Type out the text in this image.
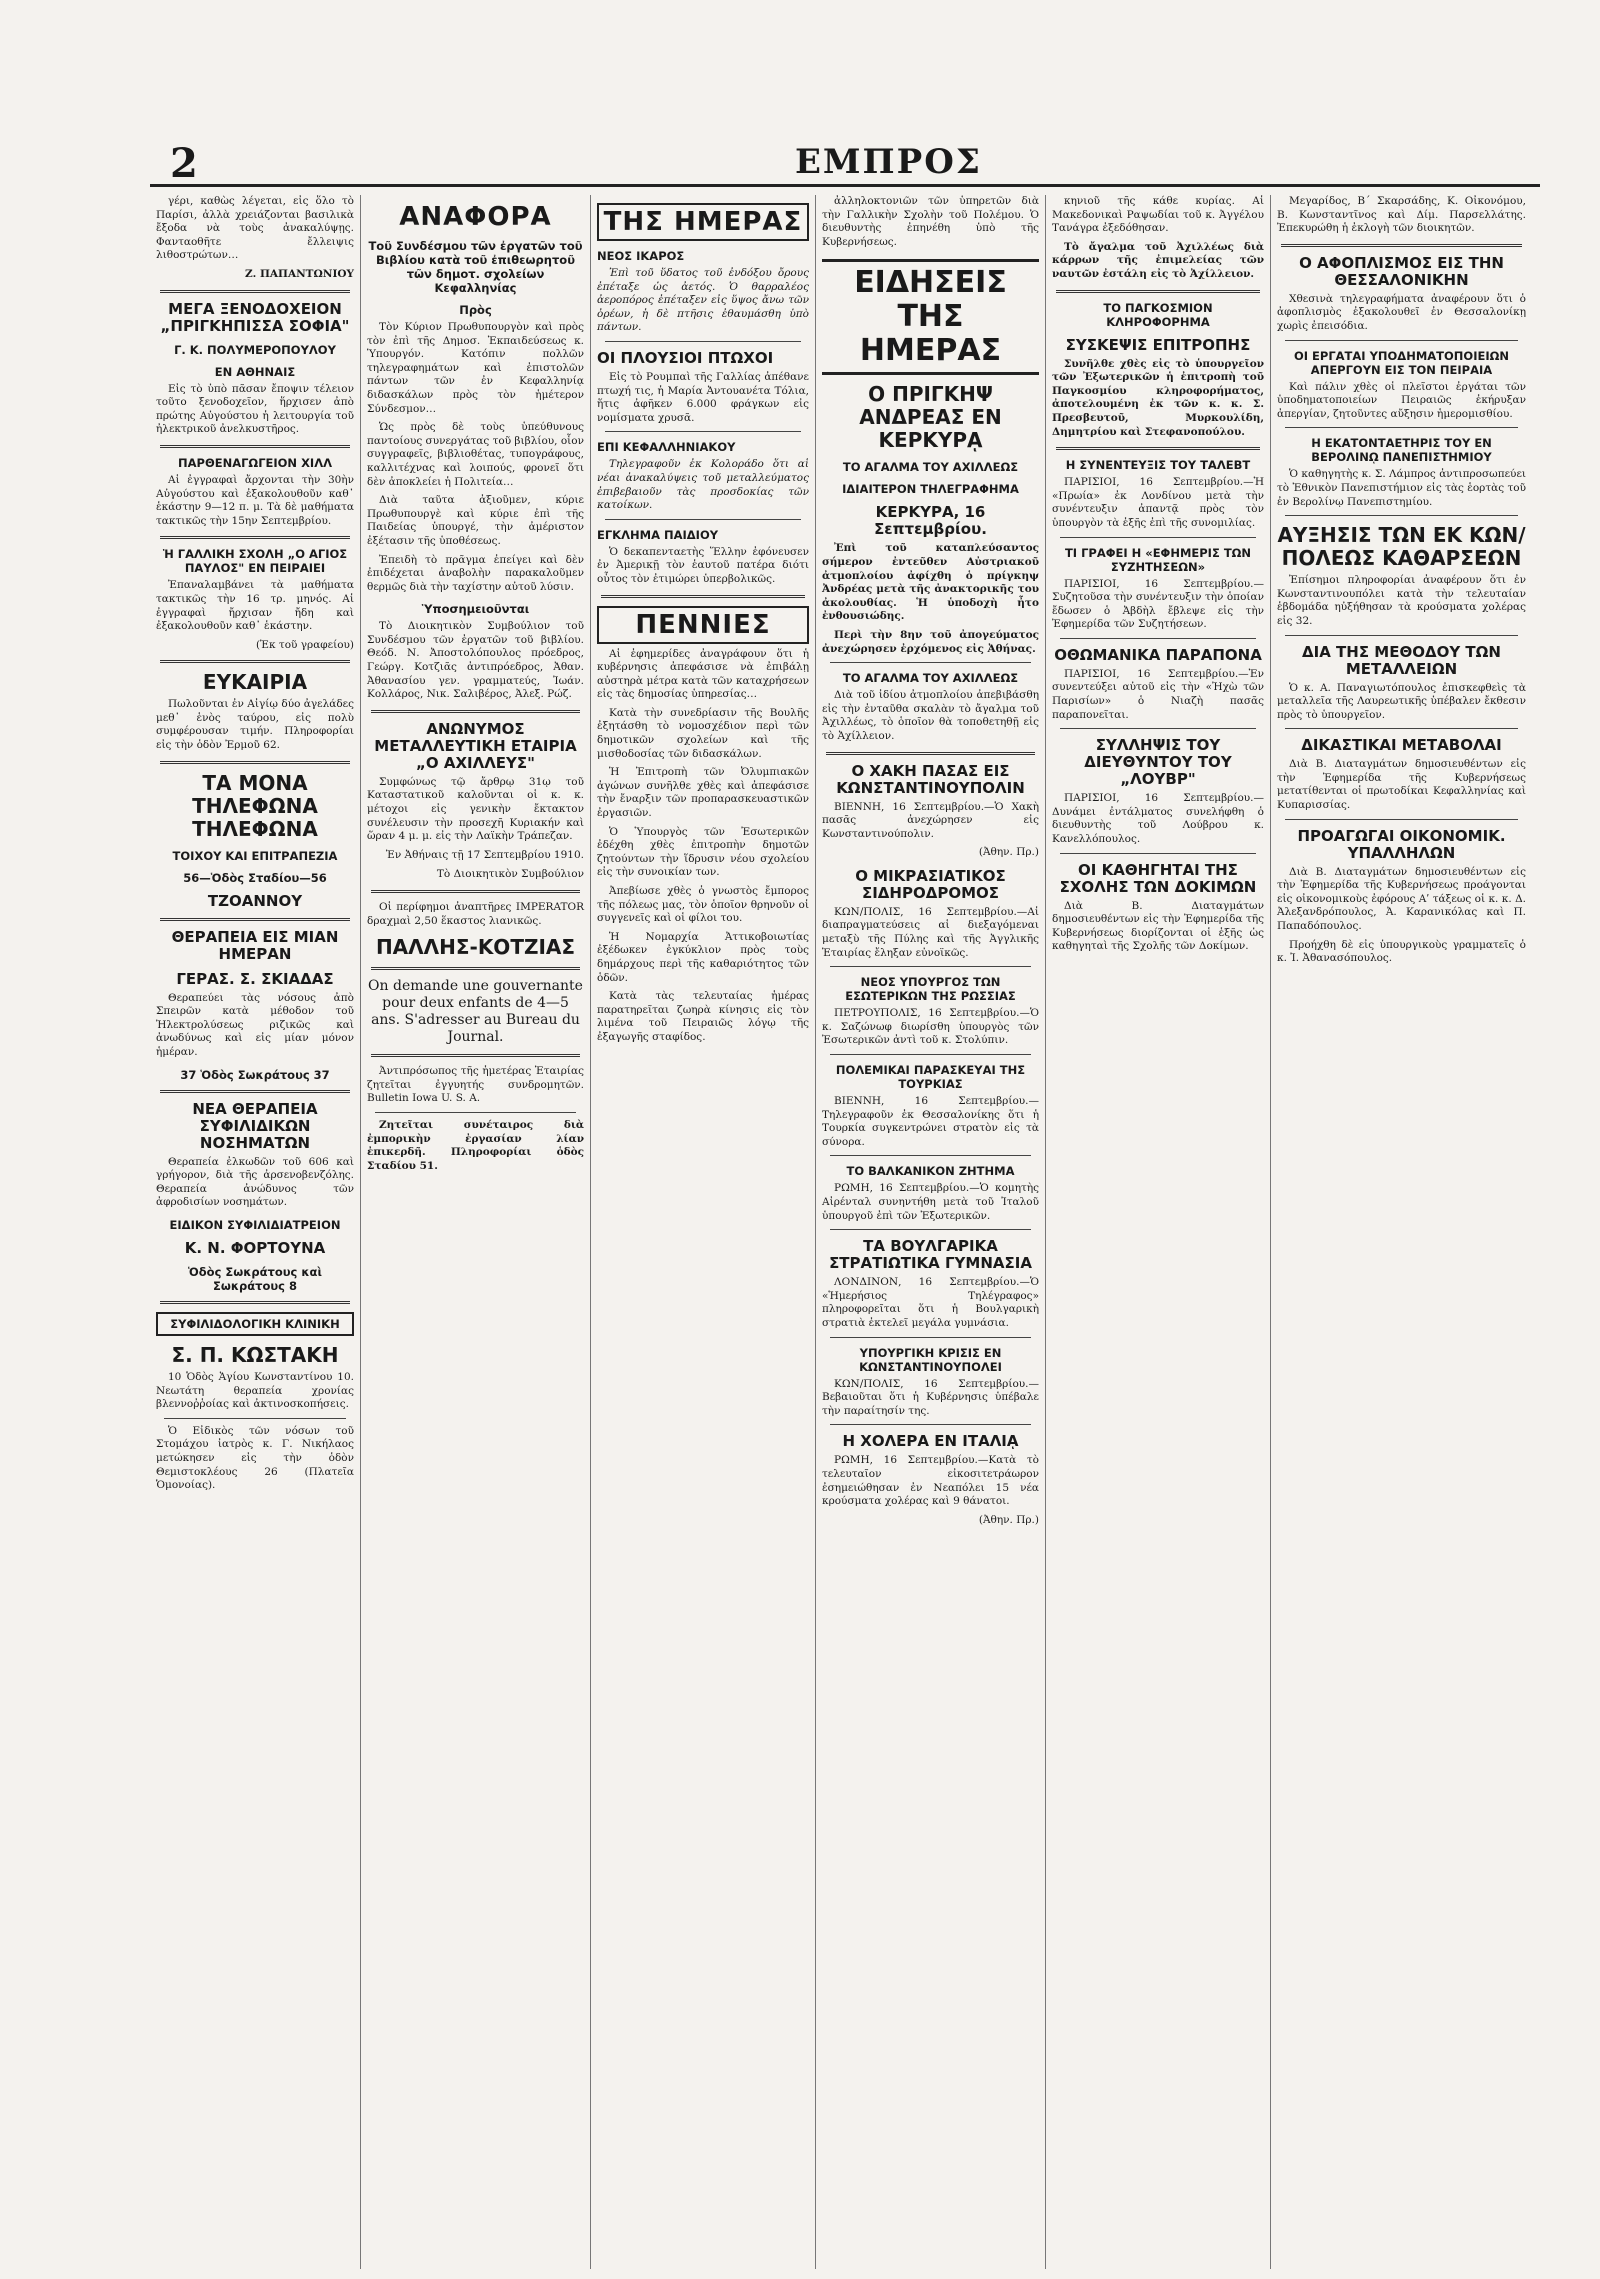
2	ΕΜΠΡΟΣ

γέρι, καθὼς λέγεται, εἰς ὅλο τὸ Παρίσι, ἀλλὰ χρειάζονται βασιλικὰ ἔξοδα νὰ τοὺς ἀνακαλύψῃς. Φανταοθῆτε ἔλλειψις λιθοστρώτων…

Ζ. ΠΑΠΑΝΤΩΝΙΟΥ
ΜΕΓΑ ΞΕΝΟΔΟΧΕΙΟΝ „ΠΡΙΓΚΗΠΙΣΣΑ ΣΟΦΙΑ"
Γ. Κ. ΠΟΛΥΜΕΡΟΠΟΥΛΟΥ
ΕΝ ΑΘΗΝΑΙΣ

Εἰς τὸ ὑπὸ πᾶσαν ἔποψιν τέλειον τοῦτο ξενοδοχεῖον, ἥρχισεν ἀπὸ πρώτης Αὐγούστου ἡ λειτουργία τοῦ ἠλεκτρικοῦ ἀνελκυστῆρος.

ΠΑΡΘΕΝΑΓΩΓΕΙΟΝ ΧΙΛΛ

Αἱ ἐγγραφαὶ ἄρχονται τὴν 30ὴν Αὐγούστου καὶ ἐξακολουθοῦν καθ᾽ ἑκάστην 9—12 π. μ. Τὰ δὲ μαθήματα τακτικῶς τὴν 15ην Σεπτεμβρίου.

Ἡ ΓΑΛΛΙΚΗ ΣΧΟΛΗ „Ο ΑΓΙΟΣ ΠΑΥΛΟΣ" ΕΝ ΠΕΙΡΑΙΕΙ

Ἐπαναλαμβάνει τὰ μαθήματα τακτικῶς τὴν 16 τρ. μηνός. Αἱ ἐγγραφαὶ ἤρχισαν ἤδη καὶ ἐξακολουθοῦν καθ᾽ ἑκάστην.

(Ἐκ τοῦ γραφείου)
ΕΥΚΑΙΡΙΑ

Πωλοῦνται ἐν Αἰγίῳ δύο ἀγελάδες μεθ᾽ ἑνὸς ταύρου, εἰς πολὺ συμφέρουσαν τιμήν. Πληροφορίαι εἰς τὴν ὁδὸν Ἐρμοῦ 62.

ΤΑ ΜΟΝΑ ΤΗΛΕΦΩΝΑ ΤΗΛΕΦΩΝΑ
ΤΟΙΧΟΥ ΚΑΙ ΕΠΙΤΡΑΠΕΖΙΑ
56—Ὁδὸς Σταδίου—56
ΤΖΟΑΝΝΟΥ
ΘΕΡΑΠΕΙΑ ΕΙΣ ΜΙΑΝ ΗΜΕΡΑΝ
ΓΕΡΑΣ. Σ. ΣΚΙΑΔΑΣ

Θεραπεύει τὰς νόσους ἀπὸ Σπειρῶν κατὰ μέθοδον τοῦ Ἠλεκτρολύσεως ριζικῶς καὶ ἀνωδύνως καὶ εἰς μίαν μόνον ἡμέραν.

37 Ὁδὸς Σωκράτους 37
ΝΕΑ ΘΕΡΑΠΕΙΑ ΣΥΦΙΛΙΔΙΚΩΝ ΝΟΣΗΜΑΤΩΝ

Θεραπεία ἐλκωδῶν τοῦ 606 καὶ γρήγορον, διὰ τῆς ἀρσενοβενζόλης. Θεραπεία ἀνώδυνος τῶν ἀφροδισίων νοσημάτων.

ΕΙΔΙΚΟΝ ΣΥΦΙΛΙΔΙΑΤΡΕΙΟΝ
Κ. Ν. ΦΟΡΤΟΥΝΑ
Ὁδὸς Σωκράτους καὶ Σωκράτους 8
ΣΥΦΙΛΙΔΟΛΟΓΙΚΗ ΚΛΙΝΙΚΗ
Σ. Π. ΚΩΣΤΑΚΗ

10 Ὁδὸς Ἁγίου Κωνσταντίνου 10. Νεωτάτη θεραπεία χρονίας βλεννοῤῥοίας καὶ ἀκτινοσκοπήσεις.

Ὁ Εἰδικὸς τῶν νόσων τοῦ Στομάχου ἰατρὸς κ. Γ. Νικήλαος μετώκησεν εἰς τὴν ὁδὸν Θεμιστοκλέους 26 (Πλατεῖα Ὁμονοίας).

ΑΝΑΦΟΡΑ
Τοῦ Συνδέσμου τῶν ἐργατῶν τοῦ Βιβλίου κατὰ τοῦ ἐπιθεωρητοῦ τῶν δημοτ. σχολείων Κεφαλληνίας
Πρὸς

Τὸν Κύριον Πρωθυπουργὸν καὶ πρὸς τὸν ἐπὶ τῆς Δημοσ. Ἐκπαιδεύσεως κ. Ὑπουργόν. Κατόπιν πολλῶν τηλεγραφημάτων καὶ ἐπιστολῶν πάντων τῶν ἐν Κεφαλληνίᾳ διδασκάλων πρὸς τὸν ἡμέτερον Σύνδεσμον…

Ὡς πρὸς δὲ τοὺς ὑπεύθυνους παντοίους συνεργάτας τοῦ βιβλίου, οἷον συγγραφεῖς, βιβλιοθέτας, τυπογράφους, καλλιτέχνας καὶ λοιπούς, φρονεῖ ὅτι δὲν ἀποκλείει ἡ Πολιτεία…

Διὰ ταῦτα ἀξιοῦμεν, κύριε Πρωθυπουργὲ καὶ κύριε ἐπὶ τῆς Παιδείας ὑπουργέ, τὴν ἀμέριστον ἐξέτασιν τῆς ὑποθέσεως.

Ἐπειδὴ τὸ πρᾶγμα ἐπείγει καὶ δὲν ἐπιδέχεται ἀναβολὴν παρακαλοῦμεν θερμῶς διὰ τὴν ταχίστην αὐτοῦ λύσιν.

Ὑποσημειοῦνται

Τὸ Διοικητικὸν Συμβούλιον τοῦ Συνδέσμου τῶν ἐργατῶν τοῦ βιβλίου. Θεόδ. Ν. Ἀποστολόπουλος πρόεδρος, Γεώργ. Κοτζιᾶς ἀντιπρόεδρος, Ἀθαν. Ἀθανασίου γεν. γραμματεύς, Ἰωάν. Κολλάρος, Νικ. Σαλιβέρος, Ἀλεξ. Ρώζ.

ΑΝΩΝΥΜΟΣ ΜΕΤΑΛΛΕΥΤΙΚΗ ΕΤΑΙΡΙΑ „Ο ΑΧΙΛΛΕΥΣ"

Συμφώνως τῷ ἄρθρῳ 31ῳ τοῦ Καταστατικοῦ καλοῦνται οἱ κ. κ. μέτοχοι εἰς γενικὴν ἔκτακτον συνέλευσιν τὴν προσεχῆ Κυριακήν καὶ ὥραν 4 μ. μ. εἰς τὴν Λαϊκὴν Τράπεζαν.

Ἐν Ἀθήναις τῇ 17 Σεπτεμβρίου 1910.
Τὸ Διοικητικὸν Συμβούλιον

Οἱ περίφημοι ἀναπτῆρες IMPERATOR δραχμαὶ 2,50 ἕκαστος λιανικῶς.

ΠΑΛΛΗΣ-ΚΟΤΖΙΑΣ

On demande une gouvernante pour deux enfants de 4—5 ans. S'adresser au Bureau du Journal.

Ἀντιπρόσωπος τῆς ἡμετέρας Ἑταιρίας ζητεῖται ἐγγυητής συνδρομητῶν. Bulletin Iowa U. S. A.

Ζητεῖται συνέταιρος διὰ ἐμπορικὴν ἐργασίαν λίαν ἐπικερδῆ. Πληροφορίαι ὁδὸς Σταδίου 51.

ΤΗΣ ΗΜΕΡΑΣ
ΝΕΟΣ ΙΚΑΡΟΣ

Ἐπὶ τοῦ ὕδατος τοῦ ἐνδόξου ὄρους ἐπέταξε ὡς ἀετός. Ὁ θαρραλέος ἀεροπόρος ἐπέταξεν εἰς ὕψος ἄνω τῶν ὀρέων, ἡ δὲ πτῆσις ἐθαυμάσθη ὑπὸ πάντων.

ΟΙ ΠΛΟΥΣΙΟΙ ΠΤΩΧΟΙ

Εἰς τὸ Ρουμπαὶ τῆς Γαλλίας ἀπέθανε πτωχή τις, ἡ Μαρία Ἀντουανέτα Τόλια, ἥτις ἀφῆκεν 6.000 φράγκων εἰς νομίσματα χρυσᾶ.

ΕΠΙ ΚΕΦΑΛΛΗΝΙΑΚΟΥ

Τηλεγραφοῦν ἐκ Κολοράδο ὅτι αἱ νέαι ἀνακαλύψεις τοῦ μεταλλεύματος ἐπιβεβαιοῦν τὰς προσδοκίας τῶν κατοίκων.

ΕΓΚΛΗΜΑ ΠΑΙΔΙΟΥ

Ὁ δεκαπενταετὴς Ἕλλην ἐφόνευσεν ἐν Ἀμερικῇ τὸν ἑαυτοῦ πατέρα διότι οὗτος τὸν ἐτιμώρει ὑπερβολικῶς.

ΠΕΝΝΙΕΣ

Αἱ ἐφημερίδες ἀναγράφουν ὅτι ἡ κυβέρνησις ἀπεφάσισε νὰ ἐπιβάλῃ αὐστηρὰ μέτρα κατὰ τῶν καταχρήσεων εἰς τὰς δημοσίας ὑπηρεσίας…

Κατὰ τὴν συνεδρίασιν τῆς Βουλῆς ἐξητάσθη τὸ νομοσχέδιον περὶ τῶν δημοτικῶν σχολείων καὶ τῆς μισθοδοσίας τῶν διδασκάλων.

Ἡ Ἐπιτροπὴ τῶν Ὀλυμπιακῶν ἀγώνων συνῆλθε χθὲς καὶ ἀπεφάσισε τὴν ἔναρξιν τῶν προπαρασκευαστικῶν ἐργασιῶν.

Ὁ Ὑπουργὸς τῶν Ἐσωτερικῶν ἐδέχθη χθὲς ἐπιτροπὴν δημοτῶν ζητούντων τὴν ἵδρυσιν νέου σχολείου εἰς τὴν συνοικίαν των.

Ἀπεβίωσε χθὲς ὁ γνωστὸς ἔμπορος τῆς πόλεως μας, τὸν ὁποῖον θρηνοῦν οἱ συγγενεῖς καὶ οἱ φίλοι του.

Ἡ Νομαρχία Ἀττικοβοιωτίας ἐξέδωκεν ἐγκύκλιον πρὸς τοὺς δημάρχους περὶ τῆς καθαριότητος τῶν ὁδῶν.

Κατὰ τὰς τελευταίας ἡμέρας παρατηρεῖται ζωηρὰ κίνησις εἰς τὸν λιμένα τοῦ Πειραιῶς λόγῳ τῆς ἐξαγωγῆς σταφίδος.

ἀλληλοκτονιῶν τῶν ὑπηρετῶν διὰ τὴν Γαλλικὴν Σχολὴν τοῦ Πολέμου. Ὁ διευθυντὴς ἐπηνέθη ὑπὸ τῆς Κυβερνήσεως.

ΕΙΔΗΣΕΙΣ ΤΗΣ ΗΜΕΡΑΣ
Ο ΠΡΙΓΚΗΨ ΑΝΔΡΕΑΣ ΕΝ ΚΕΡΚΥΡᾼ
ΤΟ ΑΓΑΛΜΑ ΤΟΥ ΑΧΙΛΛΕΩΣ
ΙΔΙΑΙΤΕΡΟΝ ΤΗΛΕΓΡΑΦΗΜΑ
ΚΕΡΚΥΡΑ, 16 Σεπτεμβρίου.

Ἐπὶ τοῦ καταπλεύσαντος σήμερον ἐντεῦθεν Αὐστριακοῦ ἀτμοπλοίου ἀφίχθη ὁ πρίγκηψ Ἀνδρέας μετὰ τῆς ἀνακτορικῆς του ἀκολουθίας. Ἡ ὑποδοχὴ ἦτο ἐνθουσιώδης.

Περὶ τὴν 8ην τοῦ ἀπογεύματος ἀνεχώρησεν ἐρχόμενος εἰς Ἀθήνας.

ΤΟ ΑΓΑΛΜΑ ΤΟΥ ΑΧΙΛΛΕΩΣ

Διὰ τοῦ ἰδίου ἀτμοπλοίου ἀπεβιβάσθη εἰς τὴν ἐνταῦθα σκαλὰν τὸ ἄγαλμα τοῦ Ἀχιλλέως, τὸ ὁποῖον θὰ τοποθετηθῇ εἰς τὸ Ἀχίλλειον.

Ο ΧΑΚΗ ΠΑΣΑΣ ΕΙΣ ΚΩΝΣΤΑΝΤΙΝΟΥΠΟΛΙΝ

ΒΙΕΝΝΗ, 16 Σεπτεμβρίου.—Ὁ Χακὴ πασᾶς ἀνεχώρησεν εἰς Κωνσταντινούπολιν.

(Ἀθην. Πρ.)
Ο ΜΙΚΡΑΣΙΑΤΙΚΟΣ ΣΙΔΗΡΟΔΡΟΜΟΣ

ΚΩΝ/ΠΟΛΙΣ, 16 Σεπτεμβρίου.—Αἱ διαπραγματεύσεις αἱ διεξαγόμεναι μεταξὺ τῆς Πύλης καὶ τῆς Ἀγγλικῆς Ἑταιρίας ἔληξαν εὐνοϊκῶς.

ΝΕΟΣ ΥΠΟΥΡΓΟΣ ΤΩΝ ΕΣΩΤΕΡΙΚΩΝ ΤΗΣ ΡΩΣΣΙΑΣ

ΠΕΤΡΟΥΠΟΛΙΣ, 16 Σεπτεμβρίου.—Ὁ κ. Σαζώνωφ διωρίσθη ὑπουργὸς τῶν Ἐσωτερικῶν ἀντὶ τοῦ κ. Στολύπιν.

ΠΟΛΕΜΙΚΑΙ ΠΑΡΑΣΚΕΥΑΙ ΤΗΣ ΤΟΥΡΚΙΑΣ

ΒΙΕΝΝΗ, 16 Σεπτεμβρίου.—Τηλεγραφοῦν ἐκ Θεσσαλονίκης ὅτι ἡ Τουρκία συγκεντρώνει στρατὸν εἰς τὰ σύνορα.

ΤΟ ΒΑΛΚΑΝΙΚΟΝ ΖΗΤΗΜΑ

ΡΩΜΗ, 16 Σεπτεμβρίου.—Ὁ κομητὴς Αἰρένταλ συνηντήθη μετὰ τοῦ Ἰταλοῦ ὑπουργοῦ ἐπὶ τῶν Ἐξωτερικῶν.

ΤΑ ΒΟΥΛΓΑΡΙΚΑ ΣΤΡΑΤΙΩΤΙΚΑ ΓΥΜΝΑΣΙΑ

ΛΟΝΔΙΝΟΝ, 16 Σεπτεμβρίου.—Ὁ «Ἡμερήσιος Τηλέγραφος» πληροφορεῖται ὅτι ἡ Βουλγαρικὴ στρατιὰ ἐκτελεῖ μεγάλα γυμνάσια.

ΥΠΟΥΡΓΙΚΗ ΚΡΙΣΙΣ ΕΝ ΚΩΝΣΤΑΝΤΙΝΟΥΠΟΛΕΙ

ΚΩΝ/ΠΟΛΙΣ, 16 Σεπτεμβρίου.—Βεβαιοῦται ὅτι ἡ Κυβέρνησις ὑπέβαλε τὴν παραίτησίν της.

Η ΧΟΛΕΡΑ ΕΝ ΙΤΑΛΙᾼ

ΡΩΜΗ, 16 Σεπτεμβρίου.—Κατὰ τὸ τελευταῖον εἰκοσιτετράωρον ἐσημειώθησαν ἐν Νεαπόλει 15 νέα κρούσματα χολέρας καὶ 9 θάνατοι.

(Ἀθην. Πρ.)

κηνιοῦ τῆς κάθε κυρίας. Αἱ Μακεδονικαὶ Ραψωδίαι τοῦ κ. Ἀγγέλου Τανάγρα ἐξεδόθησαν.

Τὸ ἄγαλμα τοῦ Ἀχιλλέως διὰ κάρρων τῆς ἐπιμελείας τῶν ναυτῶν ἐστάλη εἰς τὸ Ἀχίλλειον.

ΤΟ ΠΑΓΚΟΣΜΙΟΝ ΚΛΗΡΟΦΟΡΗΜΑ
ΣΥΣΚΕΨΙΣ ΕΠΙΤΡΟΠΗΣ

Συνῆλθε χθὲς εἰς τὸ ὑπουργεῖον τῶν Ἐξωτερικῶν ἡ ἐπιτροπὴ τοῦ Παγκοσμίου κληροφορήματος, ἀποτελουμένη ἐκ τῶν κ. κ. Σ. Πρεσβευτοῦ, Μυρκουλίδη, Δημητρίου καὶ Στεφανοπούλου.

Η ΣΥΝΕΝΤΕΥΞΙΣ ΤΟΥ ΤΑΛΕΒΤ

ΠΑΡΙΣΙΟΙ, 16 Σεπτεμβρίου.—Ἡ «Πρωία» ἐκ Λονδίνου μετὰ τὴν συνέντευξιν ἀπαντᾷ πρὸς τὸν ὑπουργὸν τὰ ἑξῆς ἐπὶ τῆς συνομιλίας.

ΤΙ ΓΡΑΦΕΙ Η «ΕΦΗΜΕΡΙΣ ΤΩΝ ΣΥΖΗΤΗΣΕΩΝ»

ΠΑΡΙΣΙΟΙ, 16 Σεπτεμβρίου.—Συζητοῦσα τὴν συνέντευξιν τὴν ὁποίαν ἔδωσεν ὁ Ἀβδὴλ ἔβλεψε εἰς τὴν Ἐφημερίδα τῶν Συζητήσεων.

ΟΘΩΜΑΝΙΚΑ ΠΑΡΑΠΟΝΑ

ΠΑΡΙΣΙΟΙ, 16 Σεπτεμβρίου.—Ἐν συνεντεύξει αὐτοῦ εἰς τὴν «Ἠχὼ τῶν Παρισίων» ὁ Νιαζὴ πασᾶς παραπονεῖται.

ΣΥΛΛΗΨΙΣ ΤΟΥ ΔΙΕΥΘΥΝΤΟΥ ΤΟΥ „ΛΟΥΒΡ"

ΠΑΡΙΣΙΟΙ, 16 Σεπτεμβρίου.—Δυνάμει ἐντάλματος συνελήφθη ὁ διευθυντὴς τοῦ Λούβρου κ. Κανελλόπουλος.

ΟΙ ΚΑΘΗΓΗΤΑΙ ΤΗΣ ΣΧΟΛΗΣ ΤΩΝ ΔΟΚΙΜΩΝ

Διὰ Β. Διαταγμάτων δημοσιευθέντων εἰς τὴν Ἐφημερίδα τῆς Κυβερνήσεως διορίζονται οἱ ἑξῆς ὡς καθηγηταὶ τῆς Σχολῆς τῶν Δοκίμων.

Μεγαρίδος, Β΄ Σκαρσάδης, Κ. Οἰκονόμου, Β. Κωνσταντῖνος καὶ Δίμ. Παρσελλάτης. Ἐπεκυρώθη ἡ ἐκλογὴ τῶν διοικητῶν.

Ο ΑΦΟΠΛΙΣΜΟΣ ΕΙΣ ΤΗΝ ΘΕΣΣΑΛΟΝΙΚΗΝ

Χθεσινὰ τηλεγραφήματα ἀναφέρουν ὅτι ὁ ἀφοπλισμὸς ἐξακολουθεῖ ἐν Θεσσαλονίκῃ χωρὶς ἐπεισόδια.

ΟΙ ΕΡΓΑΤΑΙ ΥΠΟΔΗΜΑΤΟΠΟΙΕΙΩΝ ΑΠΕΡΓΟΥΝ ΕΙΣ ΤΟΝ ΠΕΙΡΑΙΑ

Καὶ πάλιν χθὲς οἱ πλεῖστοι ἐργάται τῶν ὑποδηματοποιείων Πειραιῶς ἐκήρυξαν ἀπεργίαν, ζητοῦντες αὔξησιν ἡμερομισθίου.

Η ΕΚΑΤΟΝΤΑΕΤΗΡΙΣ ΤΟΥ ΕΝ ΒΕΡΟΛΙΝῼ ΠΑΝΕΠΙΣΤΗΜΙΟΥ

Ὁ καθηγητὴς κ. Σ. Λάμπρος ἀντιπροσωπεύει τὸ Ἐθνικὸν Πανεπιστήμιον εἰς τὰς ἑορτὰς τοῦ ἐν Βερολίνῳ Πανεπιστημίου.

ΑΥΞΗΣΙΣ ΤΩΝ ΕΚ ΚΩΝ/ΠΟΛΕΩΣ ΚΑΘΑΡΣΕΩΝ

Ἐπίσημοι πληροφορίαι ἀναφέρουν ὅτι ἐν Κωνσταντινουπόλει κατὰ τὴν τελευταίαν ἑβδομάδα ηὐξήθησαν τὰ κρούσματα χολέρας εἰς 32.

ΔΙΑ ΤΗΣ ΜΕΘΟΔΟΥ ΤΩΝ ΜΕΤΑΛΛΕΙΩΝ

Ὁ κ. Α. Παναγιωτόπουλος ἐπισκεφθεὶς τὰ μεταλλεῖα τῆς Λαυρεωτικῆς ὑπέβαλεν ἔκθεσιν πρὸς τὸ ὑπουργεῖον.

ΔΙΚΑΣΤΙΚΑΙ ΜΕΤΑΒΟΛΑΙ

Διὰ Β. Διαταγμάτων δημοσιευθέντων εἰς τὴν Ἐφημερίδα τῆς Κυβερνήσεως μετατίθενται οἱ πρωτοδίκαι Κεφαλληνίας καὶ Κυπαρισσίας.

ΠΡΟΑΓΩΓΑΙ ΟΙΚΟΝΟΜΙΚ. ΥΠΑΛΛΗΛΩΝ

Διὰ Β. Διαταγμάτων δημοσιευθέντων εἰς τὴν Ἐφημερίδα τῆς Κυβερνήσεως προάγονται εἰς οἰκονομικοὺς ἐφόρους Αʹ τάξεως οἱ κ. κ. Δ. Ἀλεξανδρόπουλος, Ἀ. Καρανικόλας καὶ Π. Παπαδόπουλος.

Προήχθη δὲ εἰς ὑπουργικοὺς γραμματεῖς ὁ κ. Ἰ. Ἀθανασόπουλος.
